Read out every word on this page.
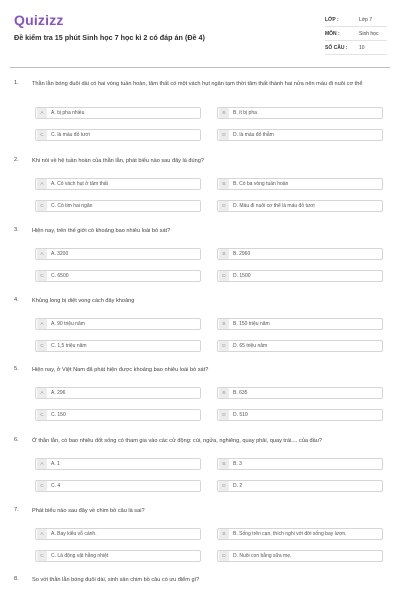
Quizizz
Đề kiểm tra 15 phút Sinh học 7 học kì 2 có đáp án (Đề 4)
LỚP :	Lớp 7
MÔN :	Sinh học
SỐ CÂU :	10
1. Thằn lằn bóng đuôi dài có hai vòng tuần hoàn, tâm thất có một vách hụt ngăn tạm thời tâm thất thành hai nửa nên máu đi nuôi cơ thể
A	A. bị pha nhiều	B	B. ít bị pha
C	C. là máu đỏ tươi	D	D. là máu đỏ thẫm
2. Khi nói về hệ tuần hoàn của thằn lằn, phát biểu nào sau đây là đúng?
A	A. Có vách hụt ở tâm thất	B	B. Có ba vòng tuần hoàn
C	C. Có tim hai ngăn	D	D. Máu đi nuôi cơ thể là máu đỏ tươi
3. Hiện nay, trên thế giới có khoảng bao nhiêu loài bò sát?
A	A. 3200	B	B. 2960
C	C. 6500	D	D. 1500
4. Khủng long bị diệt vong cách đây khoảng
A	A. 90 triệu năm	B	B. 150 triệu năm
C	C. 1,5 triệu năm	D	D. 65 triệu năm
5. Hiện nay, ở Việt Nam đã phát hiện được khoảng bao nhiêu loài bò sát?
A	A. 296	B	B. 635
C	C. 150	D	D. 510
6. Ở thằn lằn, có bao nhiêu đốt sống có tham gia vào các cử động: cúi, ngửa, nghiêng, quay phải, quay trái.... của đầu?
A	A. 1	B	B. 3
C	C. 4	D	D. 2
7. Phát biểu nào sau đây về chim bồ câu là sai?
A	A. Bay kiểu vỗ cánh.	B	B. Sống trên cạn, thích nghi với đời sống bay lượn.
C	C. Là động vật hằng nhiệt	D	D. Nuôi con bằng sữa mẹ.
8. So với thằn lằn bóng đuôi dài, sinh sản chim bồ câu có ưu điểm gì?
